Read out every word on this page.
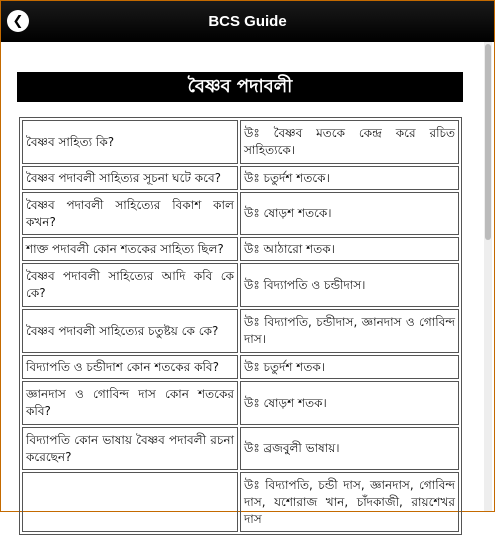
❮	BCS Guide
বৈষ্ণব পদাবলী
বৈষ্ণব সাহিত্য কি?	উঃ বৈষ্ণব মতকে কেন্দ্র করে রচিত সাহিত্যকে।
বৈষ্ণব পদাবলী সাহিত্যর সূচনা ঘটে কবে?	উঃ চতুর্দশ শতকে।
বৈষ্ণব পদাবলী সাহিত্যের বিকাশ কাল কখন?	উঃ ষোড়শ শতকে।
শাক্ত পদাবলী কোন শতকের সাহিত্য ছিল?	উঃ আঠারো শতক।
বৈষ্ণব পদাবলী সাহিত্যের আদি কবি কে কে?	উঃ বিদ্যাপতি ও চন্ডীদাস।
বৈষ্ণব পদাবলী সাহিত্যের চতুষ্টয় কে কে?	উঃ বিদ্যাপতি, চন্ডীদাস, জ্ঞানদাস ও গোবিন্দ দাস।
বিদ্যাপতি ও চন্ডীদাশ কোন শতকের কবি?	উঃ চতুর্দশ শতক।
জ্ঞানদাস ও গোবিন্দ দাস কোন শতকের কবি?	উঃ ষোড়শ শতক।
বিদ্যাপতি কোন ভাষায় বৈষ্ণব পদাবলী রচনা করেছেন?	উঃ ব্রজবুলী ভাষায়।
	উঃ বিদ্যাপতি, চন্ডী দাস, জ্ঞানদাস, গোবিন্দ দাস, যশোরাজ খান, চাঁদকাজী, রায়শেখর দাস
